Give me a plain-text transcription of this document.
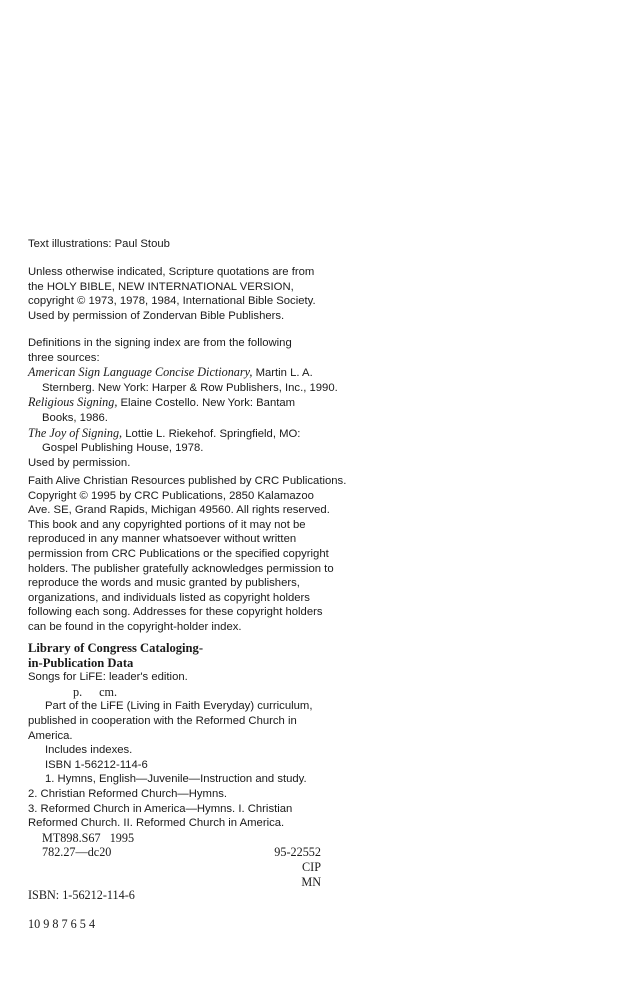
Text illustrations: Paul Stoub
Unless otherwise indicated, Scripture quotations are from
the HOLY BIBLE, NEW INTERNATIONAL VERSION,
copyright © 1973, 1978, 1984, International Bible Society.
Used by permission of Zondervan Bible Publishers.
Definitions in the signing index are from the following
three sources:
American Sign Language Concise Dictionary, Martin L. A.
Sternberg. New York: Harper & Row Publishers, Inc., 1990.
Religious Signing, Elaine Costello. New York: Bantam
Books, 1986.
The Joy of Signing, Lottie L. Riekehof. Springfield, MO:
Gospel Publishing House, 1978.
Used by permission.
Faith Alive Christian Resources published by CRC Publications.
Copyright © 1995 by CRC Publications, 2850 Kalamazoo
Ave. SE, Grand Rapids, Michigan 49560. All rights reserved.
This book and any copyrighted portions of it may not be
reproduced in any manner whatsoever without written
permission from CRC Publications or the specified copyright
holders. The publisher gratefully acknowledges permission to
reproduce the words and music granted by publishers,
organizations, and individuals listed as copyright holders
following each song. Addresses for these copyright holders
can be found in the copyright-holder index.
Library of Congress Cataloging-
in-Publication Data
Songs for LiFE: leader's edition.
p. cm.
Part of the LiFE (Living in Faith Everyday) curriculum,
published in cooperation with the Reformed Church in
America.
Includes indexes.
ISBN 1-56212-114-6
1. Hymns, English—Juvenile—Instruction and study.
2. Christian Reformed Church—Hymns.
3. Reformed Church in America—Hymns. I. Christian
Reformed Church. II. Reformed Church in America.
MT898.S67   1995
782.27—dc20	95-22552
CIP
MN
ISBN: 1-56212-114-6
10 9 8 7 6 5 4
